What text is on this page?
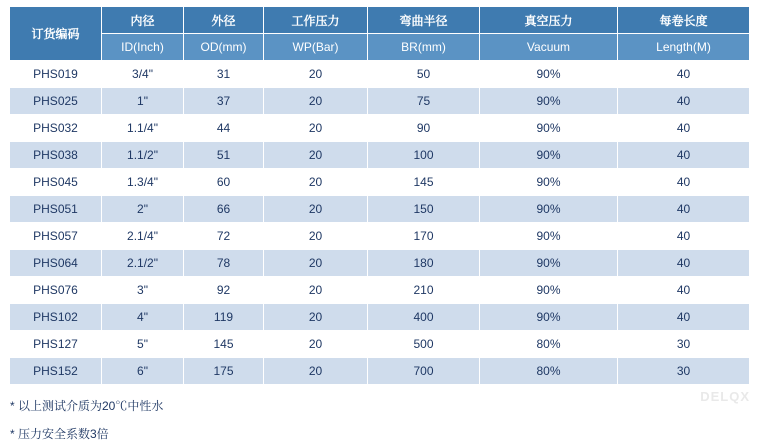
订货编码	内径	外径	工作压力	弯曲半径	真空压力	每卷长度
	ID(Inch)	OD(mm)	WP(Bar)	BR(mm)	Vacuum	Length(M)
PHS019	3/4"	31	20	50	90%	40
PHS025	1"	37	20	75	90%	40
PHS032	1.1/4"	44	20	90	90%	40
PHS038	1.1/2"	51	20	100	90%	40
PHS045	1.3/4"	60	20	145	90%	40
PHS051	2"	66	20	150	90%	40
PHS057	2.1/4"	72	20	170	90%	40
PHS064	2.1/2"	78	20	180	90%	40
PHS076	3"	92	20	210	90%	40
PHS102	4"	119	20	400	90%	40
PHS127	5"	145	20	500	80%	30
PHS152	6"	175	20	700	80%	30
* 以上测试介质为20℃中性水
* 压力安全系数3倍
DELQX
